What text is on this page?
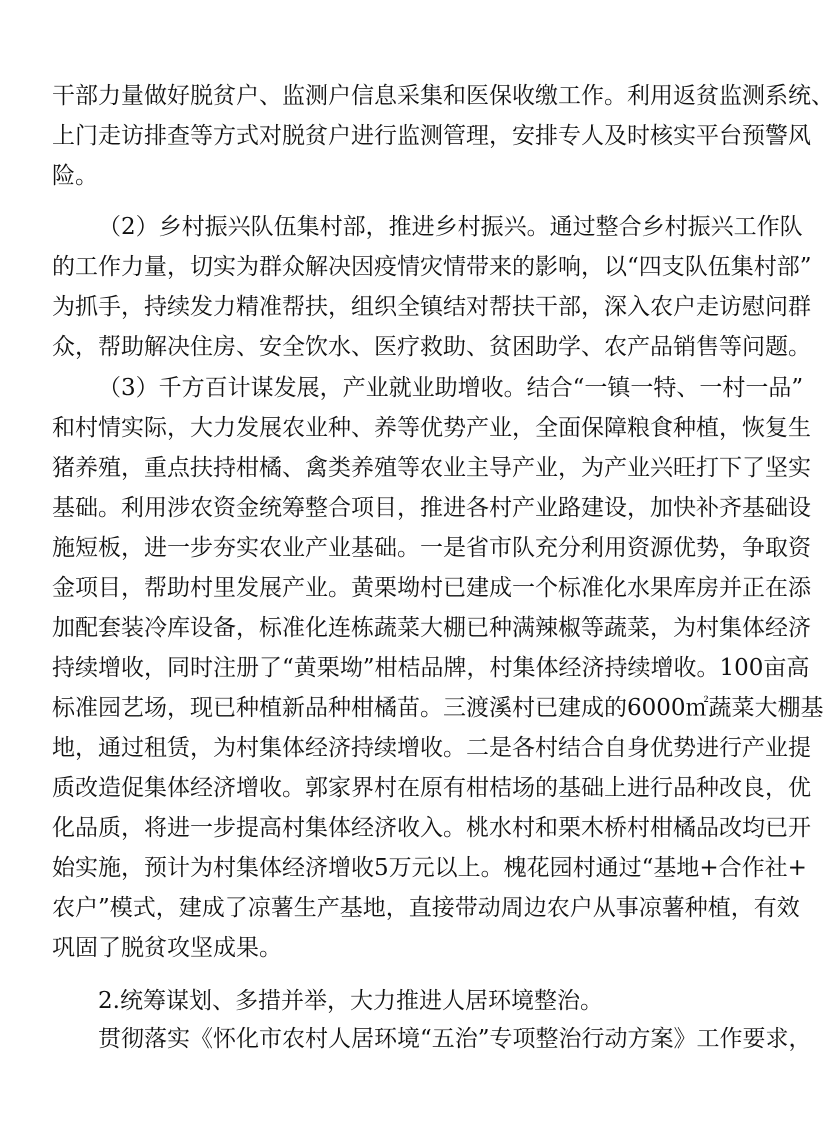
干部力量做好脱贫户、监测户信息采集和医保收缴工作。利用返贫监测系统、
上门走访排查等方式对脱贫户进行监测管理，安排专人及时核实平台预警风
险。
（2）乡村振兴队伍集村部，推进乡村振兴。通过整合乡村振兴工作队
的工作力量，切实为群众解决因疫情灾情带来的影响，以“四支队伍集村部”
为抓手，持续发力精准帮扶，组织全镇结对帮扶干部，深入农户走访慰问群
众，帮助解决住房、安全饮水、医疗救助、贫困助学、农产品销售等问题。
（3）千方百计谋发展，产业就业助增收。结合“一镇一特、一村一品”
和村情实际，大力发展农业种、养等优势产业，全面保障粮食种植，恢复生
猪养殖，重点扶持柑橘、禽类养殖等农业主导产业，为产业兴旺打下了坚实
基础。利用涉农资金统筹整合项目，推进各村产业路建设，加快补齐基础设
施短板，进一步夯实农业产业基础。一是省市队充分利用资源优势，争取资
金项目，帮助村里发展产业。黄栗坳村已建成一个标准化水果库房并正在添
加配套装冷库设备，标准化连栋蔬菜大棚已种满辣椒等蔬菜，为村集体经济
持续增收，同时注册了“黄栗坳”柑桔品牌，村集体经济持续增收。100亩高
标准园艺场，现已种植新品种柑橘苗。三渡溪村已建成的6000㎡蔬菜大棚基
地，通过租赁，为村集体经济持续增收。二是各村结合自身优势进行产业提
质改造促集体经济增收。郭家界村在原有柑桔场的基础上进行品种改良，优
化品质，将进一步提高村集体经济收入。桃水村和栗木桥村柑橘品改均已开
始实施，预计为村集体经济增收5万元以上。槐花园村通过“基地+合作社+
农户”模式，建成了凉薯生产基地，直接带动周边农户从事凉薯种植，有效
巩固了脱贫攻坚成果。
2.统筹谋划、多措并举，大力推进人居环境整治。
贯彻落实《怀化市农村人居环境“五治”专项整治行动方案》工作要求，
